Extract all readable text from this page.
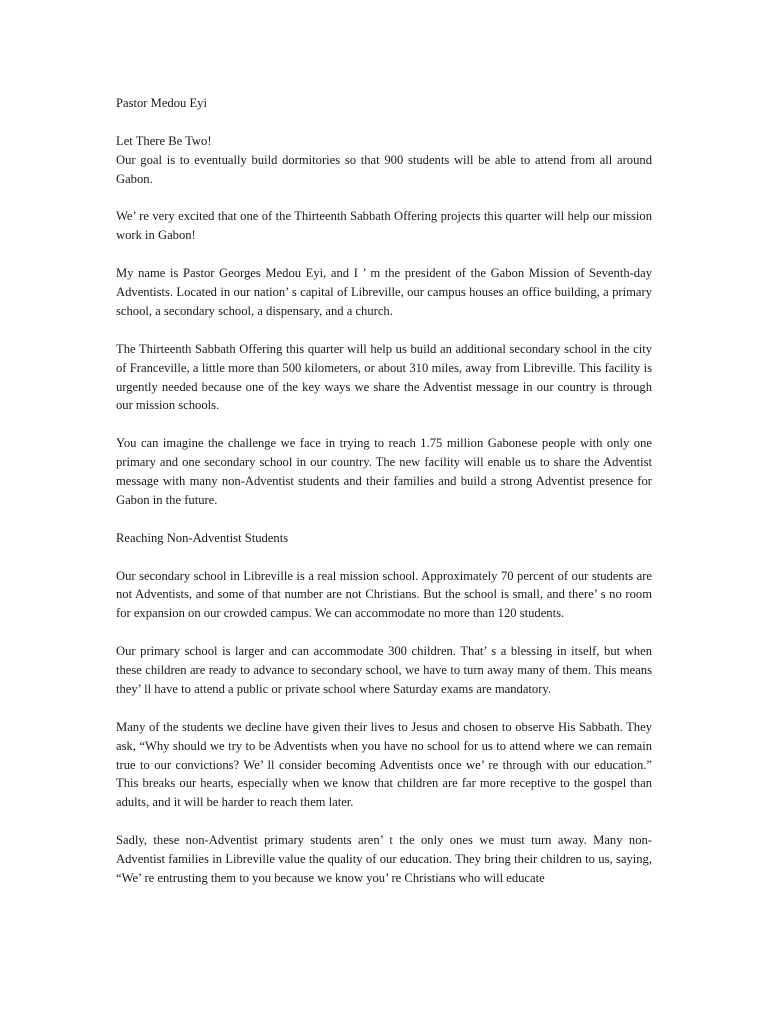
Pastor Medou Eyi

Let There Be Two!

Our goal is to eventually build dormitories so that 900 students will be able to attend from all around Gabon.

We’ re very excited that one of the Thirteenth Sabbath Offering projects this quarter will help our mission work in Gabon!

My name is Pastor Georges Medou Eyi, and I ’ m the president of the Gabon Mission of Seventh-day Adventists. Located in our nation’ s capital of Libreville, our campus houses an office building, a primary school, a secondary school, a dispensary, and a church.

The Thirteenth Sabbath Offering this quarter will help us build an additional secondary school in the city of Franceville, a little more than 500 kilometers, or about 310 miles, away from Libreville. This facility is urgently needed because one of the key ways we share the Adventist message in our country is through our mission schools.

You can imagine the challenge we face in trying to reach 1.75 million Gabonese people with only one primary and one secondary school in our country. The new facility will enable us to share the Adventist message with many non-Adventist students and their families and build a strong Adventist presence for Gabon in the future.

Reaching Non-Adventist Students

Our secondary school in Libreville is a real mission school. Approximately 70 percent of our students are not Adventists, and some of that number are not Christians. But the school is small, and there’ s no room for expansion on our crowded campus. We can accommodate no more than 120 students.

Our primary school is larger and can accommodate 300 children. That’ s a blessing in itself, but when these children are ready to advance to secondary school, we have to turn away many of them. This means they’ ll have to attend a public or private school where Saturday exams are mandatory.

Many of the students we decline have given their lives to Jesus and chosen to observe His Sabbath. They ask, “Why should we try to be Adventists when you have no school for us to attend where we can remain true to our convictions? We’ ll consider becoming Adventists once we’ re through with our education.” This breaks our hearts, especially when we know that children are far more receptive to the gospel than adults, and it will be harder to reach them later.

Sadly, these non-Adventist primary students aren’ t the only ones we must turn away. Many non-Adventist families in Libreville value the quality of our education. They bring their children to us, saying, “We’ re entrusting them to you because we know you’ re Christians who will educate
